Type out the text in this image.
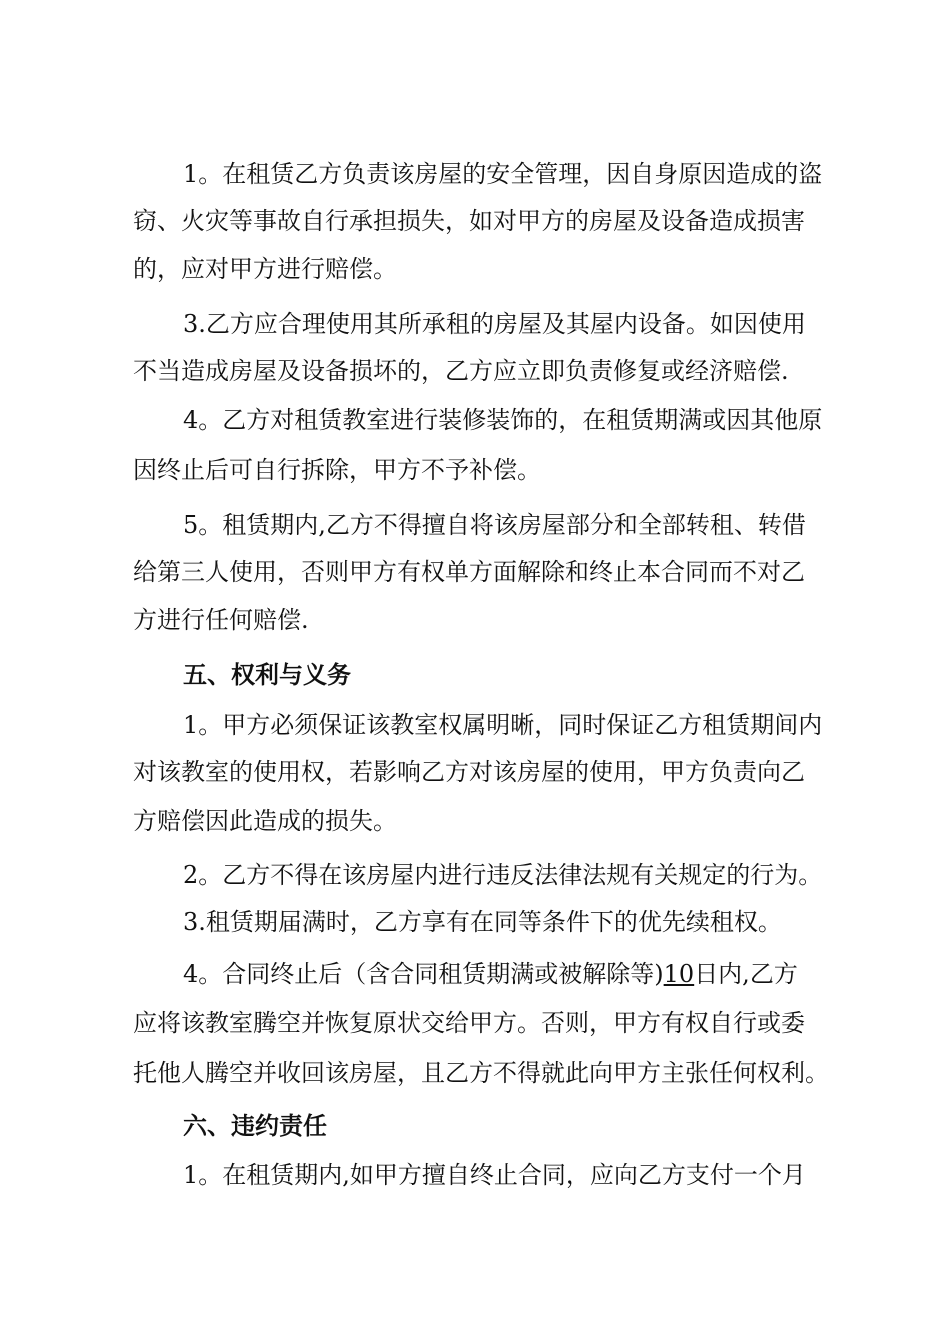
1。在租赁乙方负责该房屋的安全管理，因自身原因造成的盗
窃、火灾等事故自行承担损失，如对甲方的房屋及设备造成损害
的，应对甲方进行赔偿。
3.乙方应合理使用其所承租的房屋及其屋内设备。如因使用
不当造成房屋及设备损坏的，乙方应立即负责修复或经济赔偿.
4。乙方对租赁教室进行装修装饰的，在租赁期满或因其他原
因终止后可自行拆除，甲方不予补偿。
5。租赁期内,乙方不得擅自将该房屋部分和全部转租、转借
给第三人使用，否则甲方有权单方面解除和终止本合同而不对乙
方进行任何赔偿.
五、权利与义务
1。甲方必须保证该教室权属明晰，同时保证乙方租赁期间内
对该教室的使用权，若影响乙方对该房屋的使用，甲方负责向乙
方赔偿因此造成的损失。
2。乙方不得在该房屋内进行违反法律法规有关规定的行为。
3.租赁期届满时，乙方享有在同等条件下的优先续租权。
4。合同终止后（含合同租赁期满或被解除等)10日内,乙方
应将该教室腾空并恢复原状交给甲方。否则，甲方有权自行或委
托他人腾空并收回该房屋，且乙方不得就此向甲方主张任何权利。
六、违约责任
1。在租赁期内,如甲方擅自终止合同，应向乙方支付一个月
